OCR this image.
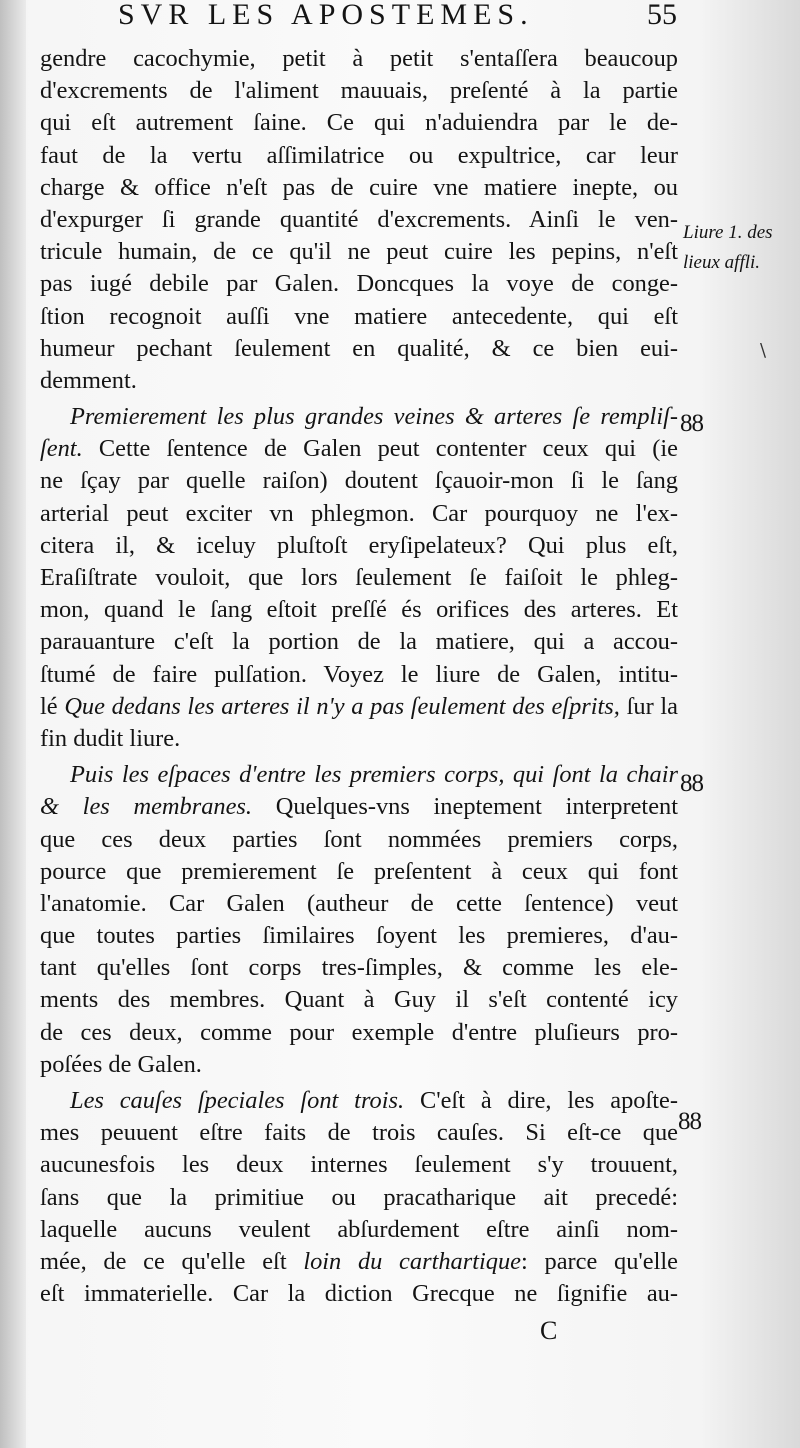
SVR LES APOSTEMES.	55
gendre cacochymie, petit à petit s'entaſſera beaucoup
d'excrements de l'aliment mauuais, preſenté à la partie
qui eſt autrement ſaine. Ce qui n'aduiendra par le de-
faut de la vertu aſſimilatrice ou expultrice, car leur
charge & office n'eſt pas de cuire vne matiere inepte, ou
d'expurger ſi grande quantité d'excrements. Ainſi le ven-
tricule humain, de ce qu'il ne peut cuire les pepins, n'eſt
pas iugé debile par Galen. Doncques la voye de conge-
ſtion recognoit auſſi vne matiere antecedente, qui eſt
humeur pechant ſeulement en qualité, & ce bien eui-
demment.
Premierement les plus grandes veines & arteres ſe rempliſ-
ſent. Cette ſentence de Galen peut contenter ceux qui (ie
ne ſçay par quelle raiſon) doutent ſçauoir-mon ſi le ſang
arterial peut exciter vn phlegmon. Car pourquoy ne l'ex-
citera il, & iceluy pluſtoſt eryſipelateux? Qui plus eſt,
Eraſiſtrate vouloit, que lors ſeulement ſe faiſoit le phleg-
mon, quand le ſang eſtoit preſſé és orifices des arteres. Et
parauanture c'eſt la portion de la matiere, qui a accou-
ſtumé de faire pulſation. Voyez le liure de Galen, intitu-
lé Que dedans les arteres il n'y a pas ſeulement des eſprits, ſur la
fin dudit liure.
Puis les eſpaces d'entre les premiers corps, qui ſont la chair
& les membranes. Quelques-vns ineptement interpretent
que ces deux parties ſont nommées premiers corps,
pource que premierement ſe preſentent à ceux qui font
l'anatomie. Car Galen (autheur de cette ſentence) veut
que toutes parties ſimilaires ſoyent les premieres, d'au-
tant qu'elles ſont corps tres-ſimples, & comme les ele-
ments des membres. Quant à Guy il s'eſt contenté icy
de ces deux, comme pour exemple d'entre pluſieurs pro-
poſées de Galen.
Les cauſes ſpeciales ſont trois. C'eſt à dire, les apoſte-
mes peuuent eſtre faits de trois cauſes. Si eſt-ce que
aucunesfois les deux internes ſeulement s'y trouuent,
ſans que la primitiue ou pracatharique ait precedé:
laquelle aucuns veulent abſurdement eſtre ainſi nom-
mée, de ce qu'elle eſt loin du carthartique: parce qu'elle
eſt immaterielle. Car la diction Grecque ne ſignifie au-
Liure 1. des
lieux affli.
88
88
88
C
\
